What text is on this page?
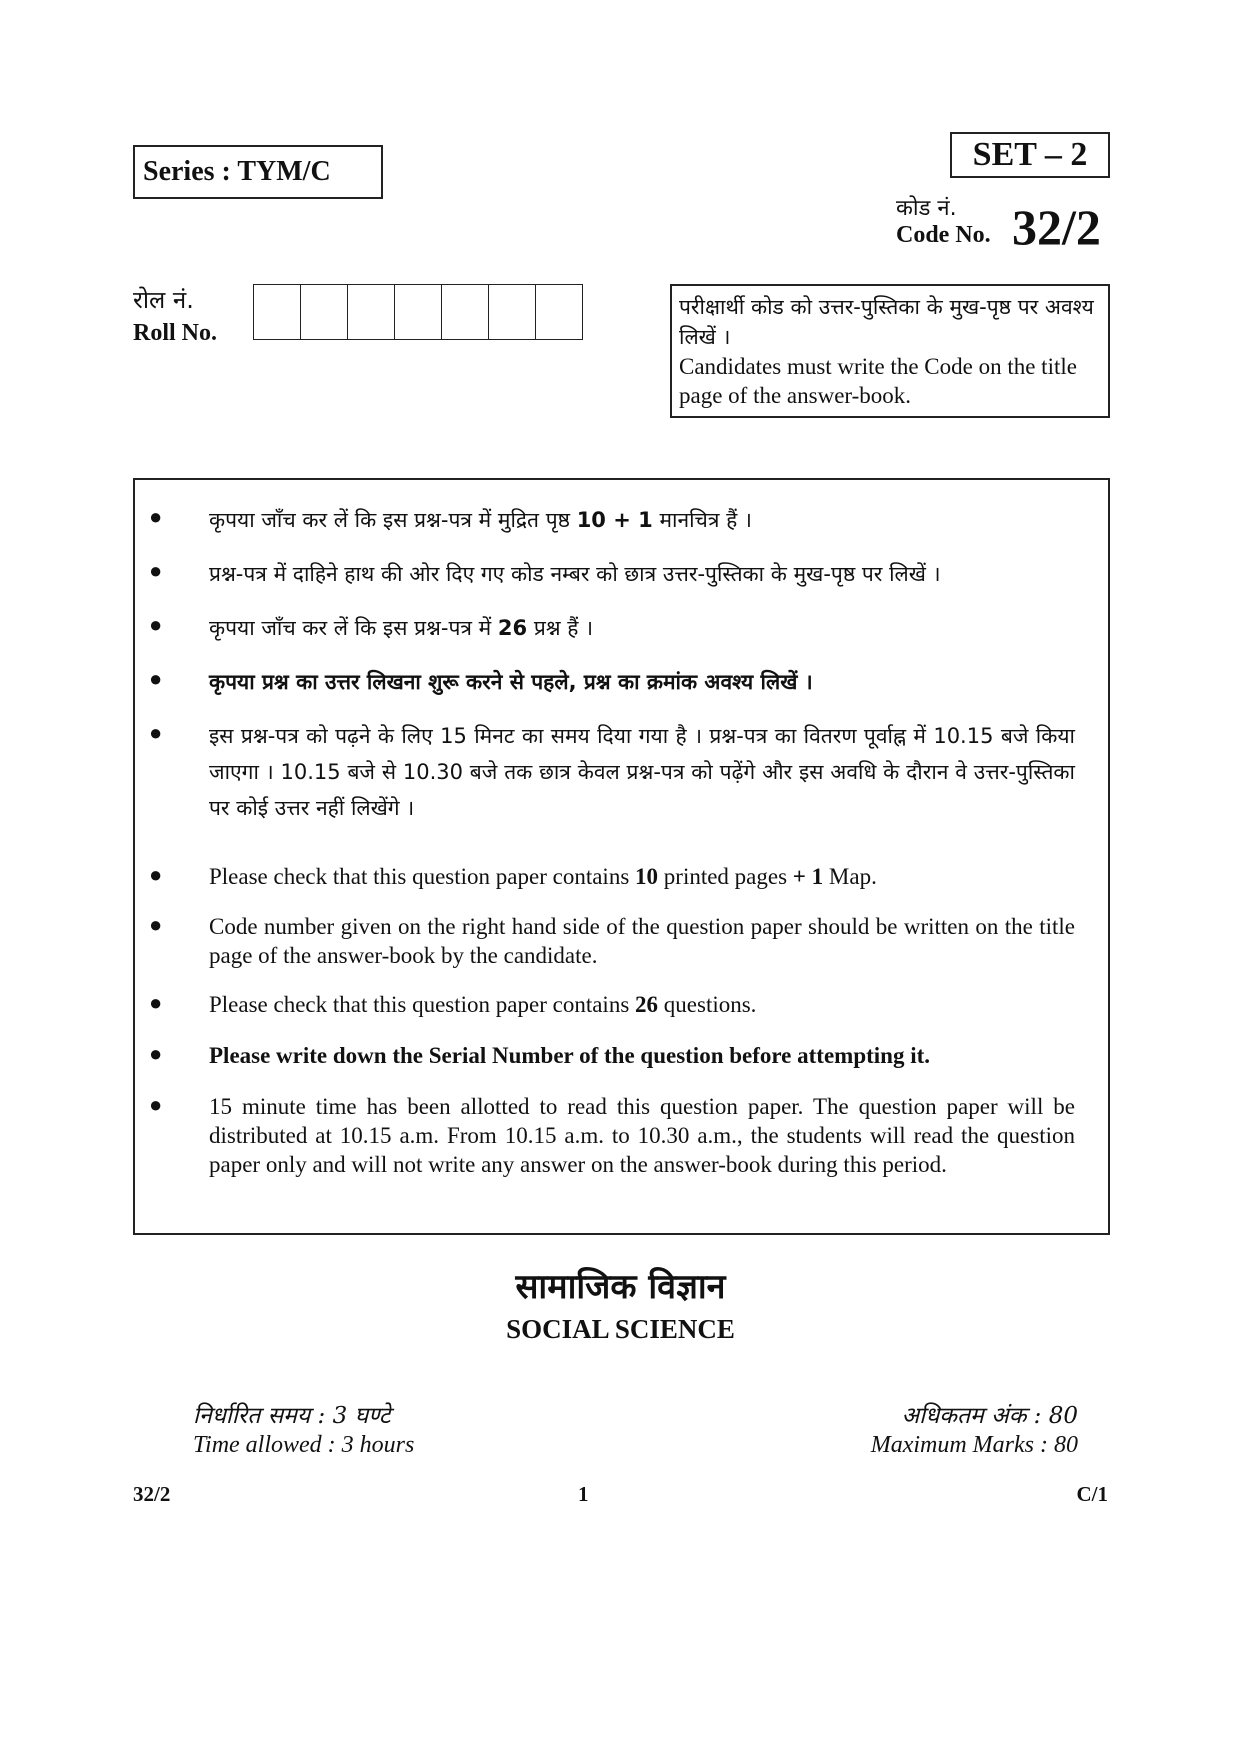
Series : TYM/C	SET – 2
कोड नं.
Code No. 32/2
रोल नं.
Roll No.
परीक्षार्थी कोड को उत्तर-पुस्तिका के मुख-पृष्ठ पर अवश्य लिखें ।
Candidates must write the Code on the title page of the answer-book.
● कृपया जाँच कर लें कि इस प्रश्न-पत्र में मुद्रित पृष्ठ 10 + 1 मानचित्र हैं ।
● प्रश्न-पत्र में दाहिने हाथ की ओर दिए गए कोड नम्बर को छात्र उत्तर-पुस्तिका के मुख-पृष्ठ पर लिखें ।
● कृपया जाँच कर लें कि इस प्रश्न-पत्र में 26 प्रश्न हैं ।
● कृपया प्रश्न का उत्तर लिखना शुरू करने से पहले, प्रश्न का क्रमांक अवश्य लिखें ।
● इस प्रश्न-पत्र को पढ़ने के लिए 15 मिनट का समय दिया गया है । प्रश्न-पत्र का वितरण पूर्वाह्न में 10.15 बजे किया जाएगा । 10.15 बजे से 10.30 बजे तक छात्र केवल प्रश्न-पत्र को पढ़ेंगे और इस अवधि के दौरान वे उत्तर-पुस्तिका पर कोई उत्तर नहीं लिखेंगे ।
● Please check that this question paper contains 10 printed pages + 1 Map.
● Code number given on the right hand side of the question paper should be written on the title page of the answer-book by the candidate.
● Please check that this question paper contains 26 questions.
● Please write down the Serial Number of the question before attempting it.
● 15 minute time has been allotted to read this question paper. The question paper will be distributed at 10.15 a.m. From 10.15 a.m. to 10.30 a.m., the students will read the question paper only and will not write any answer on the answer-book during this period.
सामाजिक विज्ञान
SOCIAL SCIENCE
निर्धारित समय : 3 घण्टे
Time allowed : 3 hours
अधिकतम अंक : 80
Maximum Marks : 80
32/2	1	C/1
